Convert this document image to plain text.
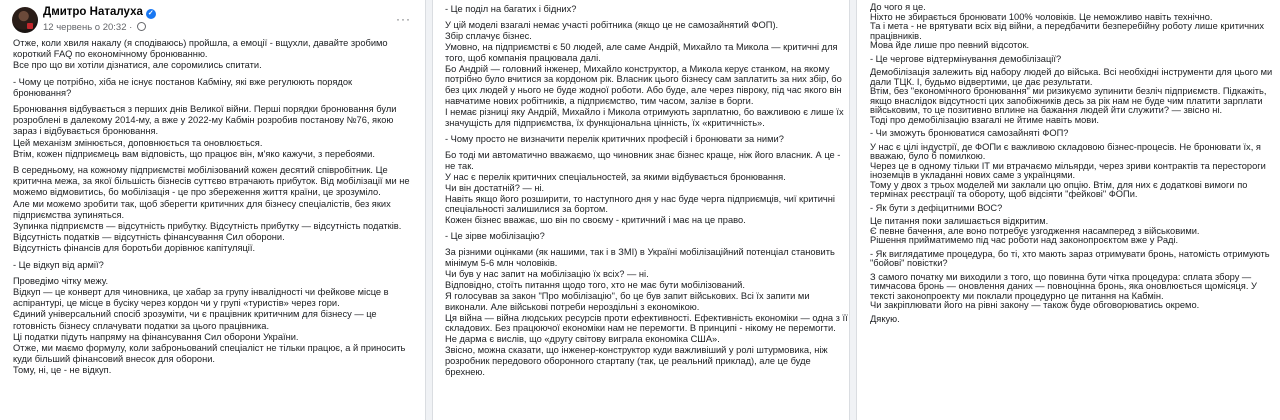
Дмитро Наталуха ✓
12 червень о 20:32 ·
···
Отже, коли хвиля накалу (я сподіваюсь) пройшла, а емоції - вщухли, давайте зробимо
короткий FAQ по економічному бронюванню.
Все про що ви хотіли дізнатися, але соромились спитати.
- Чому це потрібно, хіба не існує постанов Кабміну, які вже регулюють порядок
бронювання?
Бронювання відбувається з перших днів Великої війни. Перші порядки бронювання були
розроблені в далекому 2014-му, а вже у 2022-му Кабмін розробив постанову №76, якою
зараз і відбувається бронювання.
Цей механізм змінюється, доповнюється та оновлюється.
Втім, кожен підприємець вам відповість, що працює він, м'яко кажучи, з перебоями.
В середньому, на кожному підприємстві мобілізований кожен десятий співробітник. Це
критична межа, за якої більшість бізнесів суттєво втрачають прибуток. Від мобілізації ми не
можемо відмовитись, бо мобілізація - це про збереження життя країни, це зрозуміло.
Але ми можемо зробити так, щоб зберегти критичних для бізнесу спеціалістів, без яких
підприємства зупиняться.
Зупинка підприємств — відсутність прибутку. Відсутність прибутку — відсутність податків.
Відсутність податків — відсутність фінансування Сил оборони.
Відсутність фінансів для боротьби дорівнює капітуляції.
- Це відкуп від армії?
Проведімо чітку межу.
Відкуп — це конверт для чиновника, це хабар за групу інвалідності чи фейкове місце в
аспірантурі, це місце в бусіку через кордон чи у групі «туристів» через гори.
Єдиний універсальний спосіб зрозуміти, чи є працівник критичним для бізнесу — це
готовність бізнесу сплачувати податки за цього працівника.
Ці податки підуть напряму на фінансування Сил оборони України.
Отже, ми маємо формулу, коли заброньований спеціаліст не тільки працює, а й приносить
куди більший фінансовий внесок для оборони.
Тому, ні, це - не відкуп.
- Це поділ на багатих і бідних?
У цій моделі взагалі немає участі робітника (якщо це не самозайнятий ФОП).
Збір сплачує бізнес.
Умовно, на підприємстві є 50 людей, але саме Андрій, Михайло та Микола — критичні для
того, щоб компанія працювала далі.
Бо Андрій — головний інженер, Михайло конструктор, а Микола керує станком, на якому
потрібно було вчитися за кордоном рік. Власник цього бізнесу сам заплатить за них збір, бо
без цих людей у нього не буде жодної роботи. Або буде, але через півроку, під час якого він
навчатиме нових робітників, а підприємство, тим часом, залізе в борги.
І немає різниці яку Андрій, Михайло і Микола отримують зарплатню, бо важливою є лише їх
значущість для підприємства, їх функціональна цінність, їх «критичність».
- Чому просто не визначити перелік критичних професій і бронювати за ними?
Бо тоді ми автоматично вважаємо, що чиновник знає бізнес краще, ніж його власник. А це -
не так.
У нас є перелік критичних спеціальностей, за якими відбувається бронювання.
Чи він достатній? — ні.
Навіть якщо його розширити, то наступного дня у нас буде черга підприємців, чиї критичні
спеціальності залишилися за бортом.
Кожен бізнес вважає, шо він по своєму - критичний і має на це право.
- Це зірве мобілізацію?
За різними оцінками (як нашими, так і в ЗМІ) в Україні мобілізаційний потенціал становить
мінімум 5-6 млн чоловіків.
Чи був у нас запит на мобілізацію їх всіх? — ні.
Відповідно, стоїть питання щодо того, хто не має бути мобілізований.
Я голосував за закон "Про мобілізацію", бо це був запит військових. Всі їх запити ми
виконали. Але військові потреби нероздільні з економікою.
Ця війна — війна людських ресурсів проти ефективності. Ефективність економіки — одна з її
складових. Без працюючої економіки нам не перемогти. В принципі - нікому не перемогти.
Не дарма є вислів, що «другу світову виграла економіка США».
Звісно, можна сказати, що інженер-конструктор куди важливіший у ролі штурмовика, ніж
розробник передового оборонного стартапу (так, це реальний приклад), але це буде
брехнею.
До чого я це.
Ніхто не збирається бронювати 100% чоловіків. Це неможливо навіть технічно.
Та і мета - не врятувати всіх від війни, а передбачити безперебійну роботу лише критичних
працівників.
Мова йде лише про певний відсоток.
- Це чергове відтермінування демобілізації?
Демобілізація залежить від набору людей до війська. Всі необхідні інструменти для цього ми
дали ТЦК. І, будьмо відвертими, це дає результати.
Втім, без "економічного бронювання" ми ризикуємо зупинити безліч підприємств. Підкажіть,
якщо внаслідок відсутності цих запобіжників десь за рік нам не буде чим платити зарплати
військовим, то це позитивно вплине на бажання людей йти служити? — звісно ні.
Тоді про демобілізацію взагалі не йтиме навіть мови.
- Чи зможуть бронюватися самозайняті ФОП?
У нас є цілі індустрії, де ФОПи є важливою складовою бізнес-процесів. Не бронювати їх, я
вважаю, було б помилкою.
Через це в одному тільки IT ми втрачаємо мільярди, через зриви контрактів та перестороги
іноземців в укладанні нових саме з українцями.
Тому у двох з трьох моделей ми заклали цю опцію. Втім, для них є додаткові вимоги по
термінах реєстрації та обороту, щоб відсіяти "фейкові" ФОПи.
- Як бути з дефіцитними ВОС?
Це питання поки залишається відкритим.
Є певне бачення, але воно потребує узгодження насамперед з військовими.
Рішення прийматимемо під час роботи над законопроєктом вже у Раді.
- Як виглядатиме процедура, бо ті, хто мають зараз отримувати бронь, натомість отримують
"бойові" повістки?
З самого початку ми виходили з того, що повинна бути чітка процедура: сплата збору —
тимчасова бронь — оновлення даних — повноцінна бронь, яка оновлюється щомісяця. У
тексті законопроекту ми поклали процедурно це питання на Кабмін.
Чи закріплювати його на рівні закону — також буде обговорюватись окремо.
Дякую.
